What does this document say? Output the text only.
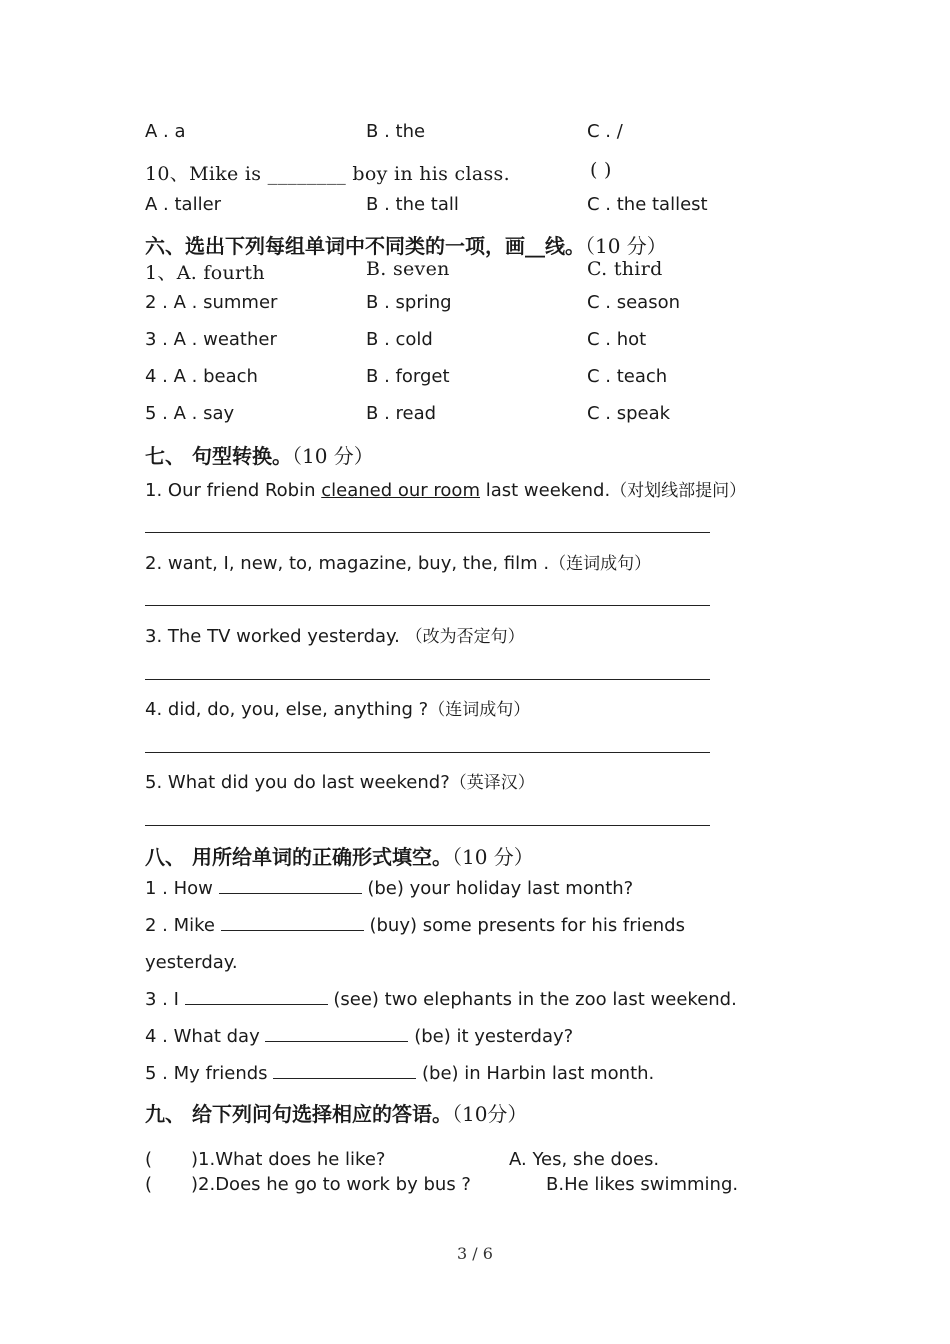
A . a	B . the	C . /
10、Mike is ________ boy in his class.	( )
A . taller	B . the tall	C . the tallest
六、选出下列每组单词中不同类的一项，画__线。（10 分）
1、A. fourth	B. seven	C. third
2 . A . summer	B . spring	C . season
3 . A . weather	B . cold	C . hot
4 . A . beach	B . forget	C . teach
5 . A . say	B . read	C . speak
七、 句型转换。（10 分）
1. Our friend Robin cleaned our room last weekend.（对划线部提问）
2. want, I, new, to, magazine, buy, the, film .（连词成句）
3. The TV worked yesterday. （改为否定句）
4. did, do, you, else, anything ?（连词成句）
5. What did you do last weekend?（英译汉）
八、 用所给单词的正确形式填空。（10 分）
1 . How	(be) your holiday last month?
2 . Mike	(buy) some presents for his friends
yesterday.
3 . I	(see) two elephants in the zoo last weekend.
4 . What day	(be) it yesterday?
5 . My friends	(be) in Harbin last month.
九、 给下列问句选择相应的答语。（10分）
( )1.What does he like?	A. Yes, she does.
( )2.Does he go to work by bus ?	B.He likes swimming.
3 / 6
